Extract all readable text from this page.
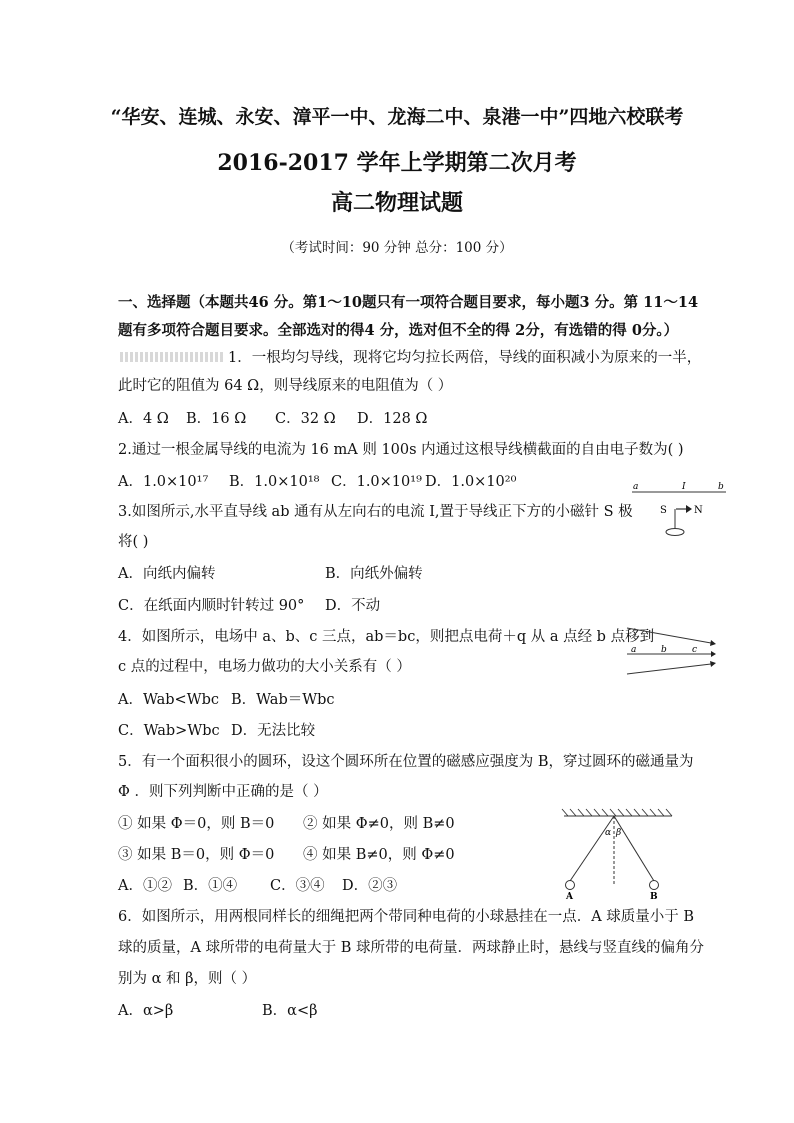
“华安、连城、永安、漳平一中、龙海二中、泉港一中”四地六校联考
2016-2017 学年上学期第二次月考
高二物理试题
（考试时间：90 分钟 总分：100 分）
一、选择题（本题共46 分。第1～10题只有一项符合题目要求，每小题3 分。第 11～14
题有多项符合题目要求。全部选对的得4 分，选对但不全的得 2分，有选错的得 0分。）
1．一根均匀导线，现将它均匀拉长两倍，导线的面积减小为原来的一半，
此时它的阻值为 64 Ω，则导线原来的电阻值为（ ）
A．4 Ω B．16 Ω C．32 Ω D．128 Ω
2.通过一根金属导线的电流为 16 mA 则 100s 内通过这根导线横截面的自由电子数为( )
A．1.0×10¹⁷ B．1.0×10¹⁸ C．1.0×10¹⁹ D．1.0×10²⁰
3.如图所示,水平直导线 ab 通有从左向右的电流 I,置于导线正下方的小磁针 S 极
将( )
A．向纸内偏转	B．向纸外偏转
C．在纸面内顺时针转过 90° D．不动
a	I	b
S	N
4．如图所示，电场中 a、b、c 三点，ab＝bc，则把点电荷＋q 从 a 点经 b 点移到
c 点的过程中，电场力做功的大小关系有（ ）
A．Wab<Wbc B．Wab＝Wbc
C．Wab>Wbc D．无法比较
a	b	c
5．有一个面积很小的圆环，设这个圆环所在位置的磁感应强度为 B，穿过圆环的磁通量为
Φ ．则下列判断中正确的是（ ）
① 如果 Φ＝0，则 B＝0 ② 如果 Φ≠0，则 B≠0
③ 如果 B＝0，则 Φ＝0 ④ 如果 B≠0，则 Φ≠0
A．①② B．①④ C．③④ D．②③
α β
A	B
6．如图所示，用两根同样长的细绳把两个带同种电荷的小球悬挂在一点．A 球质量小于 B
球的质量，A 球所带的电荷量大于 B 球所带的电荷量．两球静止时，悬线与竖直线的偏角分
别为 α 和 β，则（ ）
A．α>β	B．α<β
